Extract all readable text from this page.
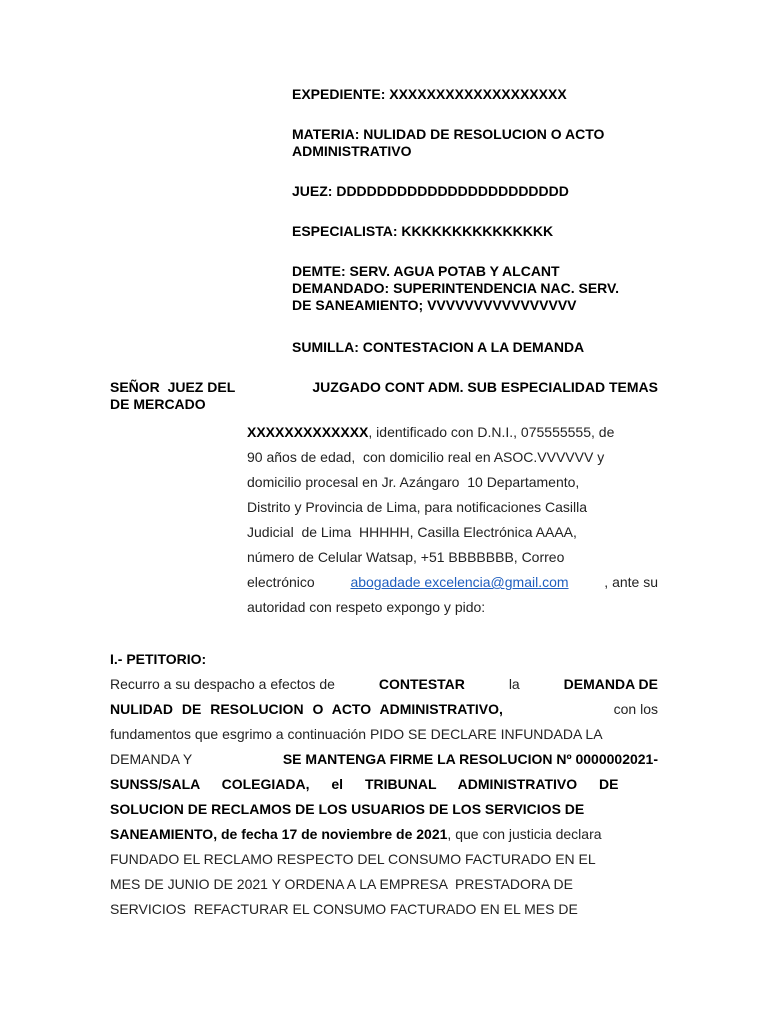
EXPEDIENTE: XXXXXXXXXXXXXXXXXXX

MATERIA: NULIDAD DE RESOLUCION O ACTO
ADMINISTRATIVO

JUEZ: DDDDDDDDDDDDDDDDDDDDDDD

ESPECIALISTA: KKKKKKKKKKKKKKK

DEMTE: SERV. AGUA POTAB Y ALCANT
DEMANDADO: SUPERINTENDENCIA NAC. SERV.
DE SANEAMIENTO; VVVVVVVVVVVVVVVV

SUMILLA: CONTESTACION A LA DEMANDA

SEÑOR  JUEZ DEL	JUZGADO CONT ADM. SUB ESPECIALIDAD TEMAS
DE MERCADO
XXXXXXXXXXXXX, identificado con D.N.I., 075555555, de
90 años de edad,  con domicilio real en ASOC.VVVVVV y
domicilio procesal en Jr. Azángaro  10 Departamento,
Distrito y Provincia de Lima, para notificaciones Casilla
Judicial  de Lima  HHHHH, Casilla Electrónica AAAA,
número de Celular Watsap, +51 BBBBBBB, Correo
electrónico	abogadade excelencia@gmail.com	, ante su
autoridad con respeto expongo y pido:
I.- PETITORIO:
Recurro a su despacho a efectos de	CONTESTAR	la	DEMANDA DE
NULIDAD DE RESOLUCION O ACTO ADMINISTRATIVO,	con los
fundamentos que esgrimo a continuación PIDO SE DECLARE INFUNDADA LA
DEMANDA Y	SE MANTENGA FIRME LA RESOLUCION Nº 0000002021-
SUNSS/SALA COLEGIADA, el TRIBUNAL ADMINISTRATIVO DE
SOLUCION DE RECLAMOS DE LOS USUARIOS DE LOS SERVICIOS DE
SANEAMIENTO, de fecha 17 de noviembre de 2021, que con justicia declara
FUNDADO EL RECLAMO RESPECTO DEL CONSUMO FACTURADO EN EL
MES DE JUNIO DE 2021 Y ORDENA A LA EMPRESA  PRESTADORA DE
SERVICIOS  REFACTURAR EL CONSUMO FACTURADO EN EL MES DE
